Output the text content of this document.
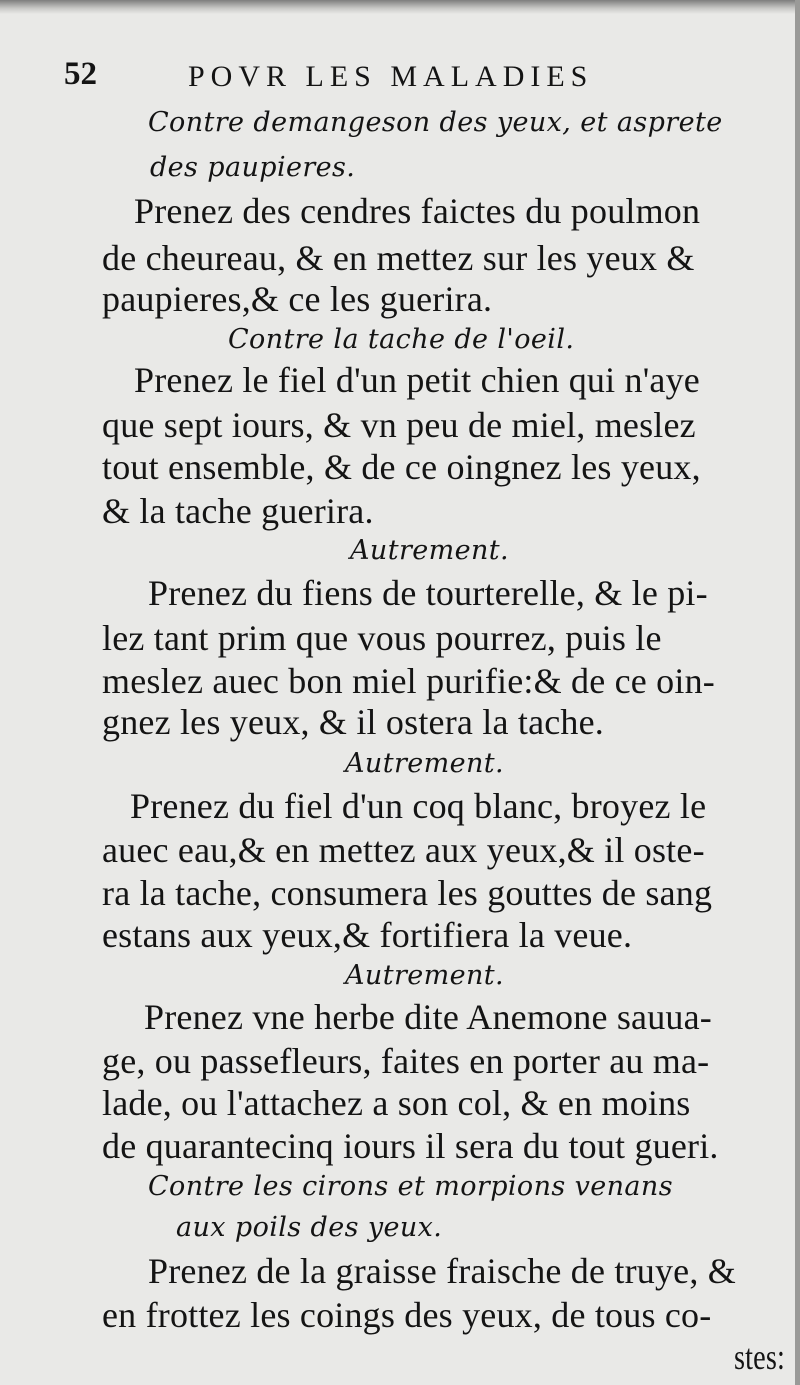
52	POVR LES MALADIES
Contre demangeson des yeux, et asprete
des paupieres.
Prenez des cendres faictes du poulmon
de cheureau, & en mettez sur les yeux &
paupieres,& ce les guerira.
Contre la tache de l'oeil.
Prenez le fiel d'un petit chien qui n'aye
que sept iours, & vn peu de miel, meslez
tout ensemble, & de ce oingnez les yeux,
& la tache guerira.
Autrement.
Prenez du fiens de tourterelle, & le pi-
lez tant prim que vous pourrez, puis le
meslez auec bon miel purifie:& de ce oin-
gnez les yeux, & il ostera la tache.
Autrement.
Prenez du fiel d'un coq blanc, broyez le
auec eau,& en mettez aux yeux,& il oste-
ra la tache, consumera les gouttes de sang
estans aux yeux,& fortifiera la veue.
Autrement.
Prenez vne herbe dite Anemone sauua-
ge, ou passefleurs, faites en porter au ma-
lade, ou l'attachez a son col, & en moins
de quarantecinq iours il sera du tout gueri.
Contre les cirons et morpions venans
aux poils des yeux.
Prenez de la graisse fraische de truye, &
en frottez les coings des yeux, de tous co-
stes:
